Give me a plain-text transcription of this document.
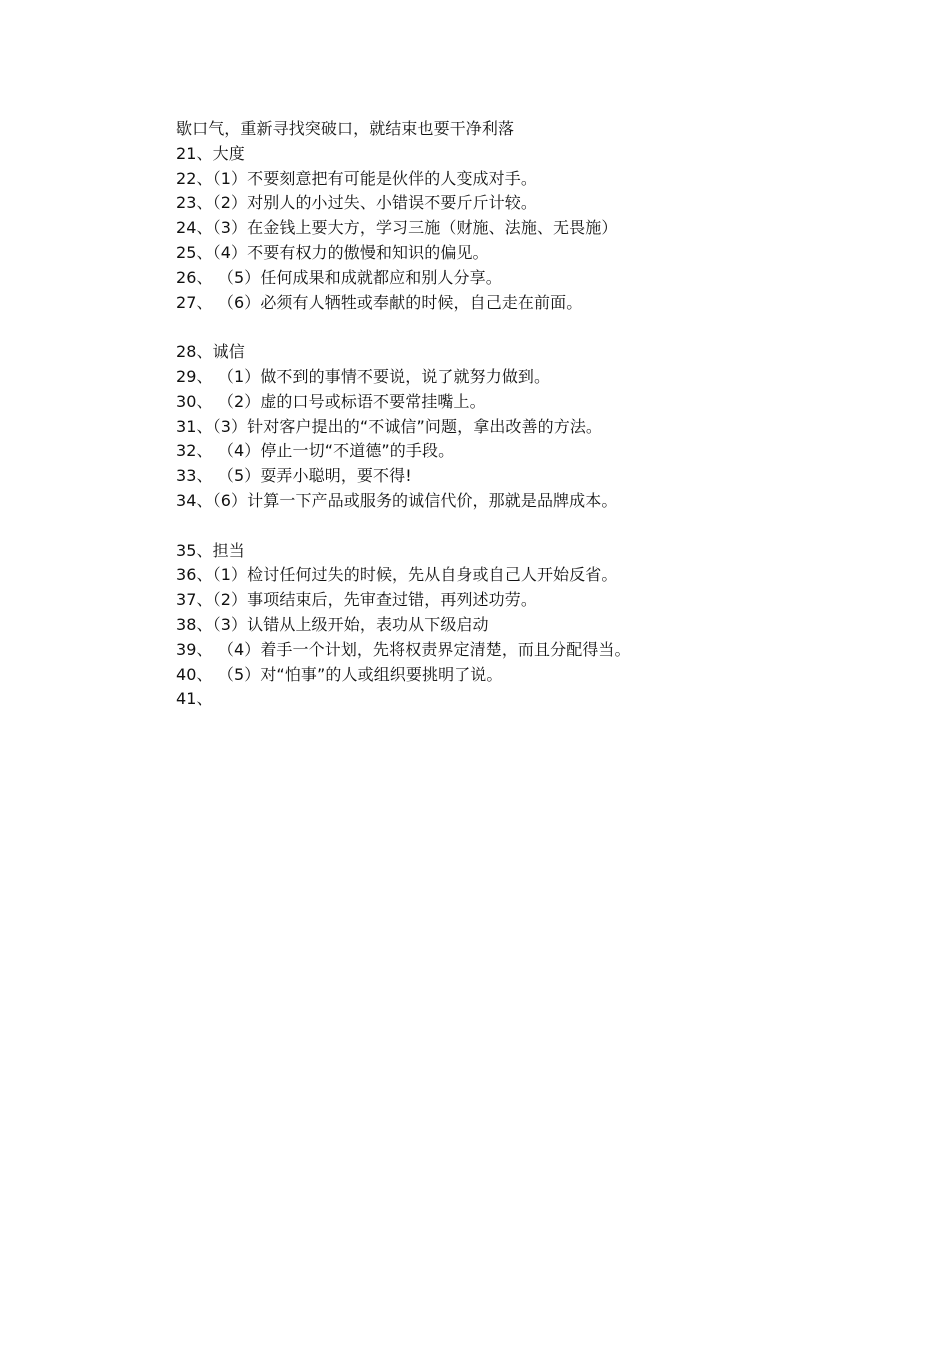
歇口气，重新寻找突破口，就结束也要干净利落
21、大度
22、（1）不要刻意把有可能是伙伴的人变成对手。
23、（2）对别人的小过失、小错误不要斤斤计较。
24、（3）在金钱上要大方，学习三施（财施、法施、无畏施）
25、（4）不要有权力的傲慢和知识的偏见。
26、 （5）任何成果和成就都应和别人分享。
27、 （6）必须有人牺牲或奉献的时候，自己走在前面。
28、诚信
29、 （1）做不到的事情不要说，说了就努力做到。
30、 （2）虚的口号或标语不要常挂嘴上。
31、（3）针对客户提出的“不诚信”问题，拿出改善的方法。
32、 （4）停止一切“不道德”的手段。
33、 （5）耍弄小聪明，要不得!
34、（6）计算一下产品或服务的诚信代价，那就是品牌成本。
35、担当
36、（1）检讨任何过失的时候，先从自身或自己人开始反省。
37、（2）事项结束后，先审查过错，再列述功劳。
38、（3）认错从上级开始，表功从下级启动
39、 （4）着手一个计划，先将权责界定清楚，而且分配得当。
40、 （5）对“怕事”的人或组织要挑明了说。
41、
